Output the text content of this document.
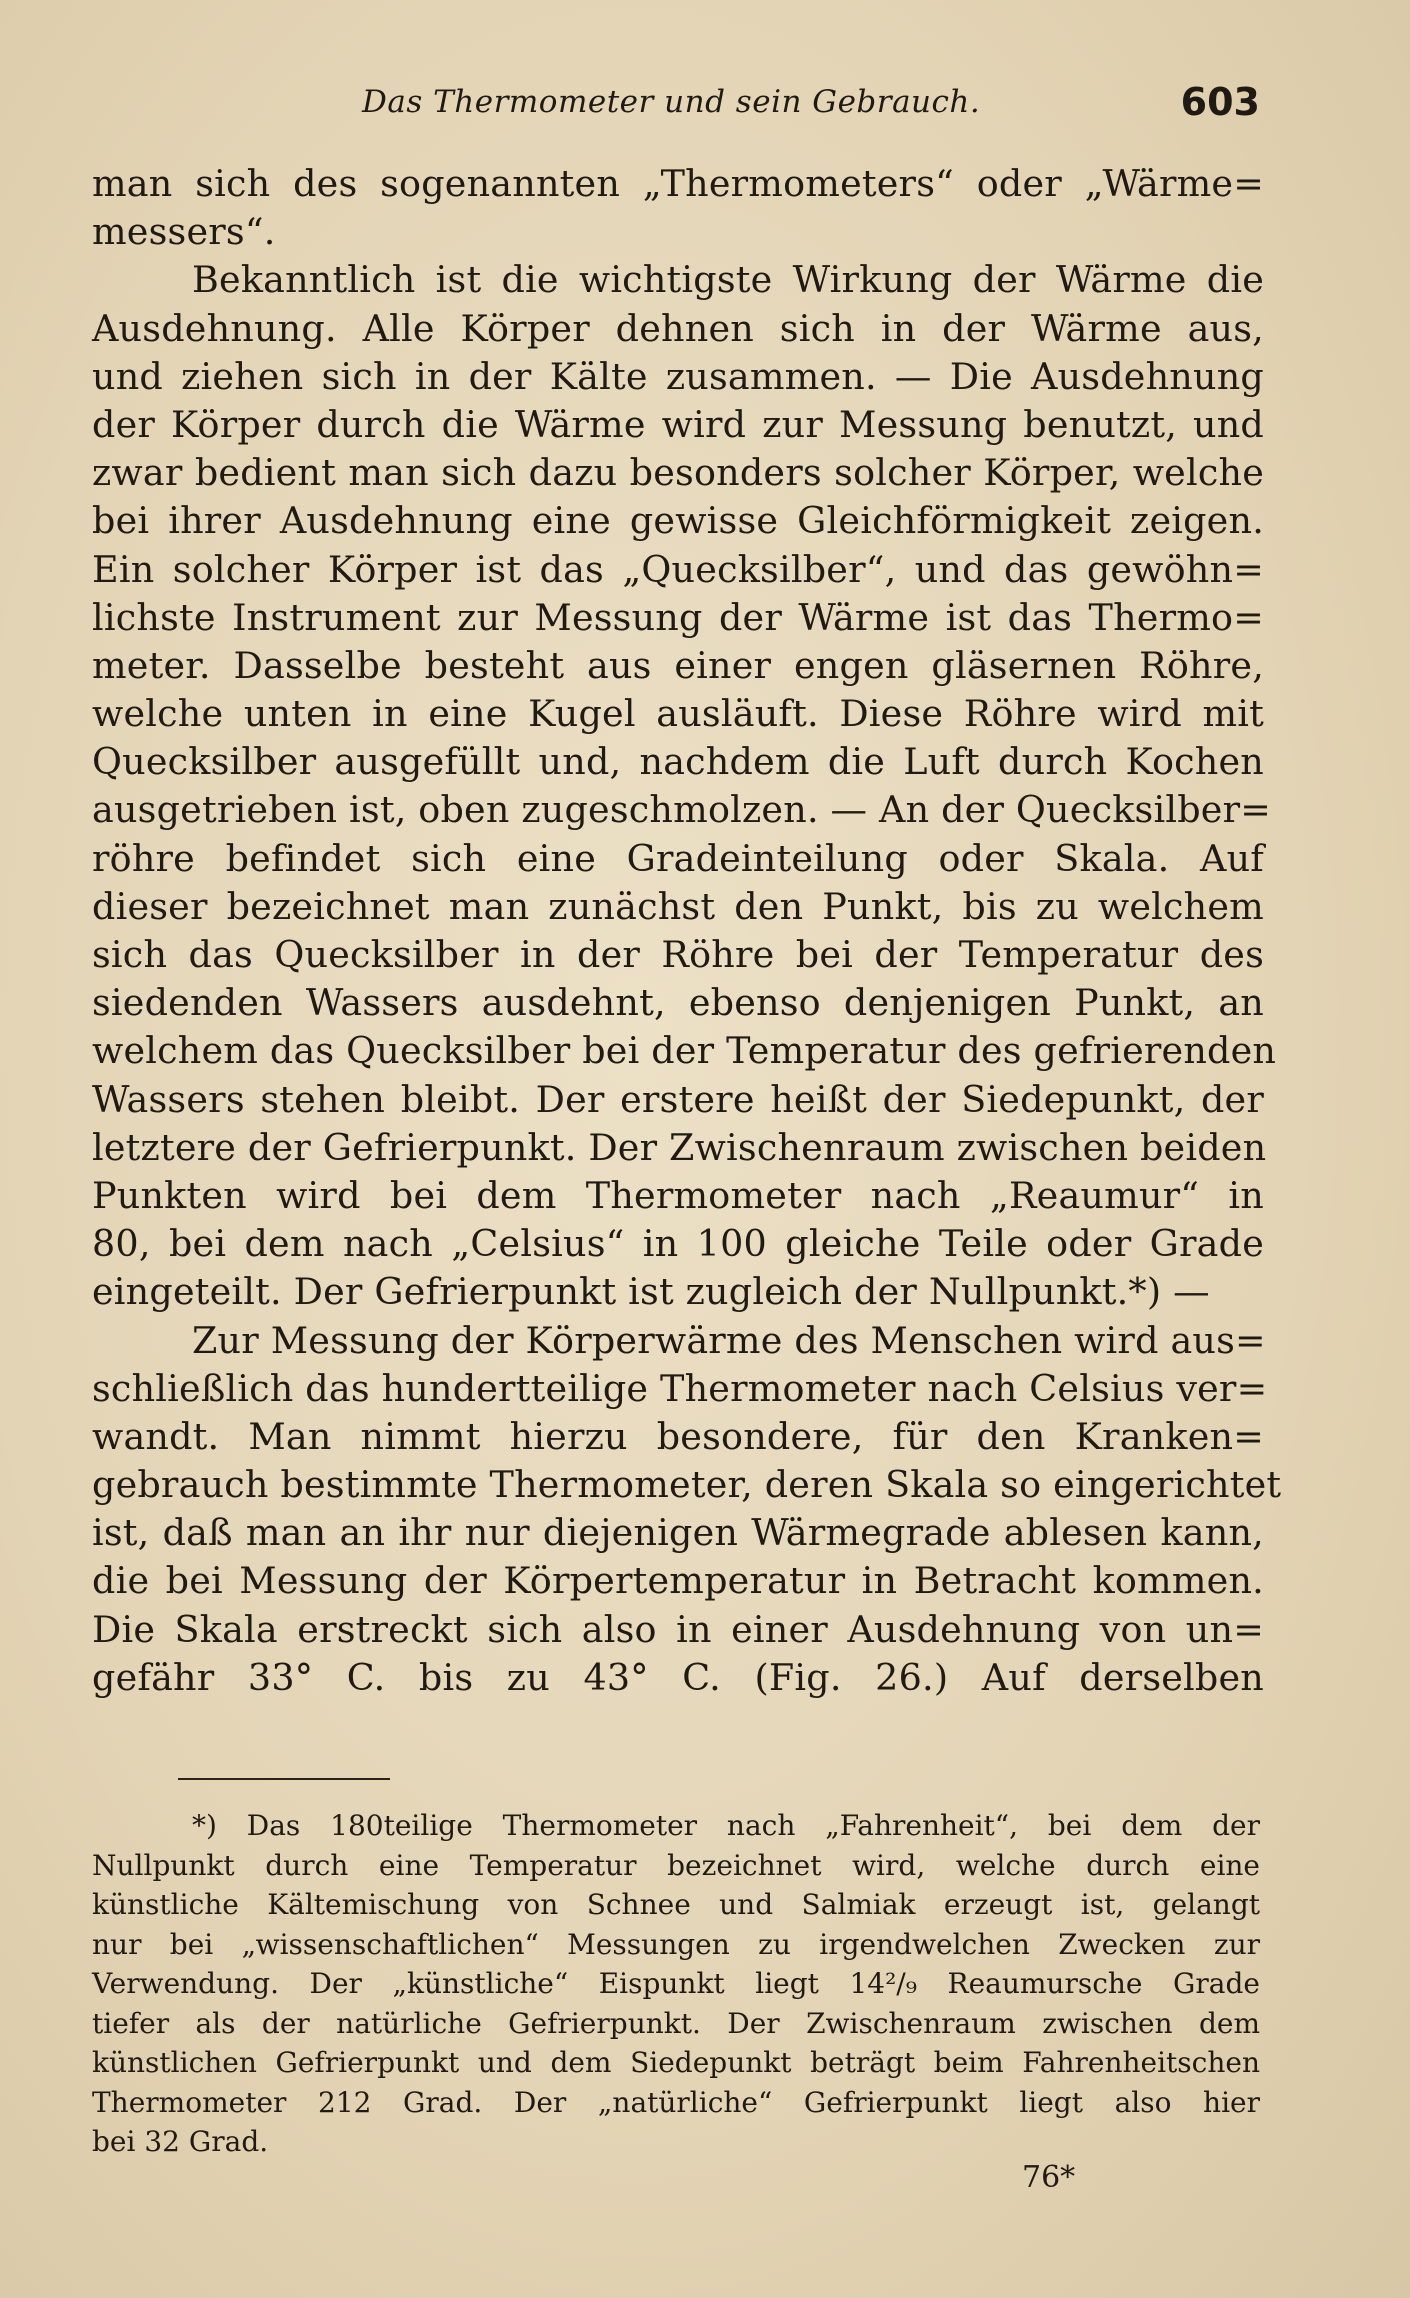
Das Thermometer und sein Gebrauch.	603
man sich des sogenannten „Thermometers“ oder „Wärme=
messers“.
Bekanntlich ist die wichtigste Wirkung der Wärme die
Ausdehnung. Alle Körper dehnen sich in der Wärme aus,
und ziehen sich in der Kälte zusammen. — Die Ausdehnung
der Körper durch die Wärme wird zur Messung benutzt, und
zwar bedient man sich dazu besonders solcher Körper, welche
bei ihrer Ausdehnung eine gewisse Gleichförmigkeit zeigen.
Ein solcher Körper ist das „Quecksilber“, und das gewöhn=
lichste Instrument zur Messung der Wärme ist das Thermo=
meter. Dasselbe besteht aus einer engen gläsernen Röhre,
welche unten in eine Kugel ausläuft. Diese Röhre wird mit
Quecksilber ausgefüllt und, nachdem die Luft durch Kochen
ausgetrieben ist, oben zugeschmolzen. — An der Quecksilber=
röhre befindet sich eine Gradeinteilung oder Skala. Auf
dieser bezeichnet man zunächst den Punkt, bis zu welchem
sich das Quecksilber in der Röhre bei der Temperatur des
siedenden Wassers ausdehnt, ebenso denjenigen Punkt, an
welchem das Quecksilber bei der Temperatur des gefrierenden
Wassers stehen bleibt. Der erstere heißt der Siedepunkt, der
letztere der Gefrierpunkt. Der Zwischenraum zwischen beiden
Punkten wird bei dem Thermometer nach „Reaumur“ in
80, bei dem nach „Celsius“ in 100 gleiche Teile oder Grade
eingeteilt. Der Gefrierpunkt ist zugleich der Nullpunkt.*) —
Zur Messung der Körperwärme des Menschen wird aus=
schließlich das hundertteilige Thermometer nach Celsius ver=
wandt. Man nimmt hierzu besondere, für den Kranken=
gebrauch bestimmte Thermometer, deren Skala so eingerichtet
ist, daß man an ihr nur diejenigen Wärmegrade ablesen kann,
die bei Messung der Körpertemperatur in Betracht kommen.
Die Skala erstreckt sich also in einer Ausdehnung von un=
gefähr 33° C. bis zu 43° C. (Fig. 26.) Auf derselben
*) Das 180teilige Thermometer nach „Fahrenheit“, bei dem der
Nullpunkt durch eine Temperatur bezeichnet wird, welche durch eine
künstliche Kältemischung von Schnee und Salmiak erzeugt ist, gelangt
nur bei „wissenschaftlichen“ Messungen zu irgendwelchen Zwecken zur
Verwendung. Der „künstliche“ Eispunkt liegt 14²/₉ Reaumursche Grade
tiefer als der natürliche Gefrierpunkt. Der Zwischenraum zwischen dem
künstlichen Gefrierpunkt und dem Siedepunkt beträgt beim Fahrenheitschen
Thermometer 212 Grad. Der „natürliche“ Gefrierpunkt liegt also hier
bei 32 Grad.
76*
